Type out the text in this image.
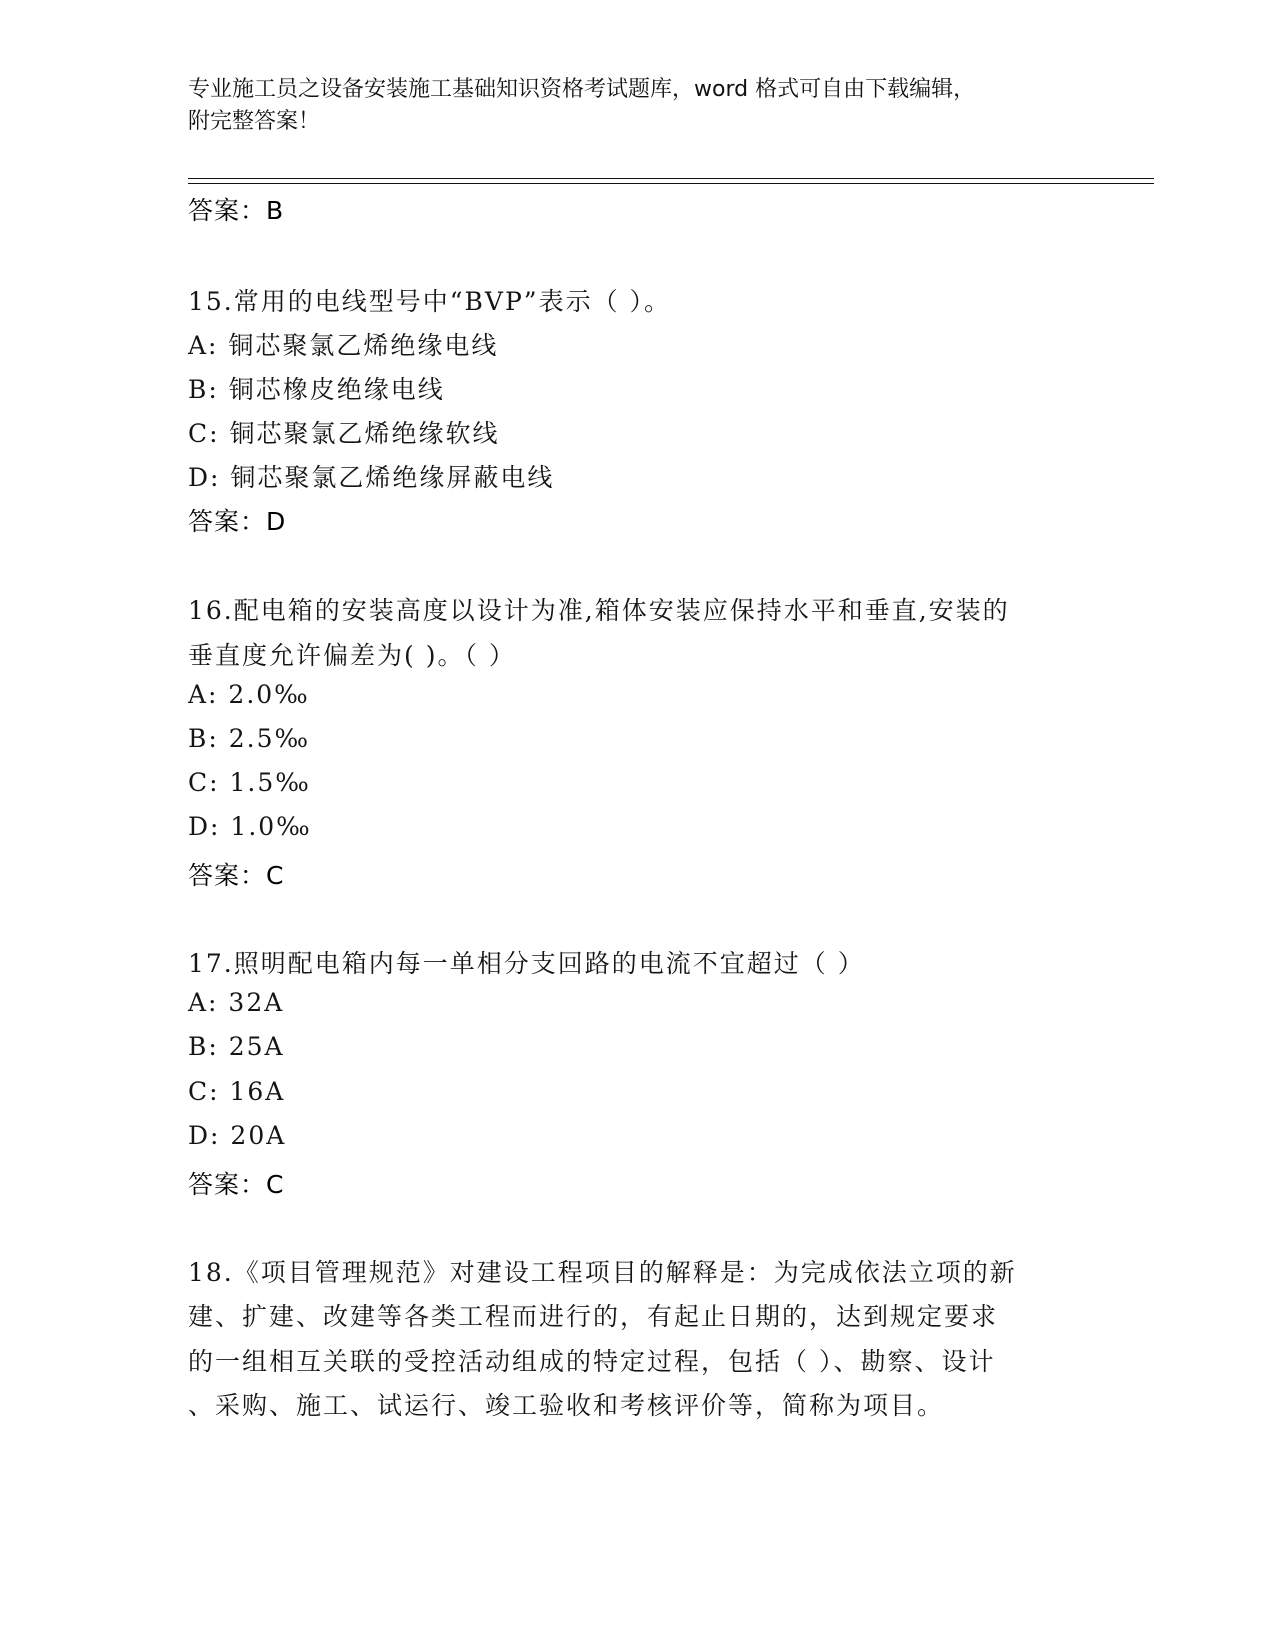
专业施工员之设备安装施工基础知识资格考试题库，word 格式可自由下载编辑，
附完整答案！
答案：B
15.常用的电线型号中“BVP”表示（ ）。
A: 铜芯聚氯乙烯绝缘电线
B: 铜芯橡皮绝缘电线
C: 铜芯聚氯乙烯绝缘软线
D: 铜芯聚氯乙烯绝缘屏蔽电线
答案：D
16.配电箱的安装高度以设计为准,箱体安装应保持水平和垂直,安装的
垂直度允许偏差为( )。（ ）
A: 2.0‰
B: 2.5‰
C: 1.5‰
D: 1.0‰
答案：C
17.照明配电箱内每一单相分支回路的电流不宜超过（ ）
A: 32A
B: 25A
C: 16A
D: 20A
答案：C
18.《项目管理规范》对建设工程项目的解释是：为完成依法立项的新
建、扩建、改建等各类工程而进行的，有起止日期的，达到规定要求
的一组相互关联的受控活动组成的特定过程，包括（ ）、勘察、设计
、采购、施工、试运行、竣工验收和考核评价等，简称为项目。
